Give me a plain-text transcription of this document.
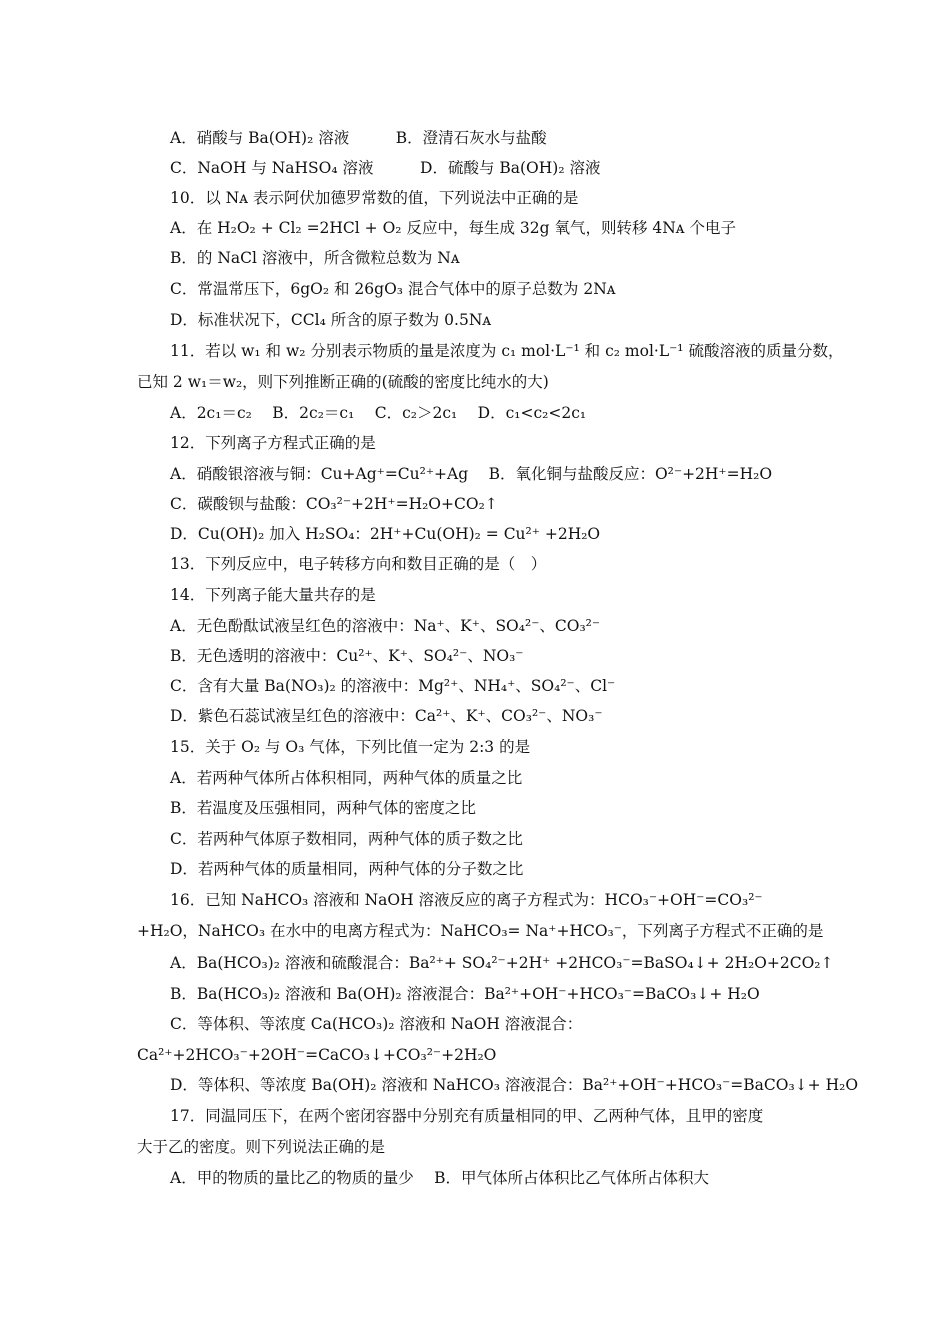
A．硝酸与 Ba(OH)₂ 溶液　　　B．澄清石灰水与盐酸
C．NaOH 与 NaHSO₄ 溶液　　　D．硫酸与 Ba(OH)₂ 溶液
10．以 Nᴀ 表示阿伏加德罗常数的值，下列说法中正确的是
A．在 H₂O₂ + Cl₂ =2HCl + O₂ 反应中，每生成 32g 氧气，则转移 4Nᴀ 个电子
B．的 NaCl 溶液中，所含微粒总数为 Nᴀ
C．常温常压下，6gO₂ 和 26gO₃ 混合气体中的原子总数为 2Nᴀ
D．标准状况下，CCl₄ 所含的原子数为 0.5Nᴀ
11．若以 w₁ 和 w₂ 分别表示物质的量是浓度为 c₁ mol·L⁻¹ 和 c₂ mol·L⁻¹ 硫酸溶液的质量分数，
已知 2 w₁＝w₂，则下列推断正确的(硫酸的密度比纯水的大)
A．2c₁＝c₂　 B．2c₂＝c₁　 C．c₂＞2c₁　 D．c₁<c₂<2c₁
12．下列离子方程式正确的是
A．硝酸银溶液与铜：Cu+Ag⁺=Cu²⁺+Ag　 B．氧化铜与盐酸反应：O²⁻+2H⁺=H₂O
C．碳酸钡与盐酸：CO₃²⁻+2H⁺=H₂O+CO₂↑
D．Cu(OH)₂ 加入 H₂SO₄：2H⁺+Cu(OH)₂ = Cu²⁺ +2H₂O
13．下列反应中，电子转移方向和数目正确的是（　）
14．下列离子能大量共存的是
A．无色酚酞试液呈红色的溶液中：Na⁺、K⁺、SO₄²⁻、CO₃²⁻
B．无色透明的溶液中：Cu²⁺、K⁺、SO₄²⁻、NO₃⁻
C．含有大量 Ba(NO₃)₂ 的溶液中：Mg²⁺、NH₄⁺、SO₄²⁻、Cl⁻
D．紫色石蕊试液呈红色的溶液中：Ca²⁺、K⁺、CO₃²⁻、NO₃⁻
15．关于 O₂ 与 O₃ 气体，下列比值一定为 2:3 的是
A．若两种气体所占体积相同，两种气体的质量之比
B．若温度及压强相同，两种气体的密度之比
C．若两种气体原子数相同，两种气体的质子数之比
D．若两种气体的质量相同，两种气体的分子数之比
16．已知 NaHCO₃ 溶液和 NaOH 溶液反应的离子方程式为：HCO₃⁻+OH⁻=CO₃²⁻
+H₂O，NaHCO₃ 在水中的电离方程式为：NaHCO₃= Na⁺+HCO₃⁻，下列离子方程式不正确的是
A．Ba(HCO₃)₂ 溶液和硫酸混合：Ba²⁺+ SO₄²⁻+2H⁺ +2HCO₃⁻=BaSO₄↓+ 2H₂O+2CO₂↑
B．Ba(HCO₃)₂ 溶液和 Ba(OH)₂ 溶液混合：Ba²⁺+OH⁻+HCO₃⁻=BaCO₃↓+ H₂O
C．等体积、等浓度 Ca(HCO₃)₂ 溶液和 NaOH 溶液混合：
Ca²⁺+2HCO₃⁻+2OH⁻=CaCO₃↓+CO₃²⁻+2H₂O
D．等体积、等浓度 Ba(OH)₂ 溶液和 NaHCO₃ 溶液混合：Ba²⁺+OH⁻+HCO₃⁻=BaCO₃↓+ H₂O
17．同温同压下，在两个密闭容器中分别充有质量相同的甲、乙两种气体，且甲的密度
大于乙的密度。则下列说法正确的是
A．甲的物质的量比乙的物质的量少　 B．甲气体所占体积比乙气体所占体积大
